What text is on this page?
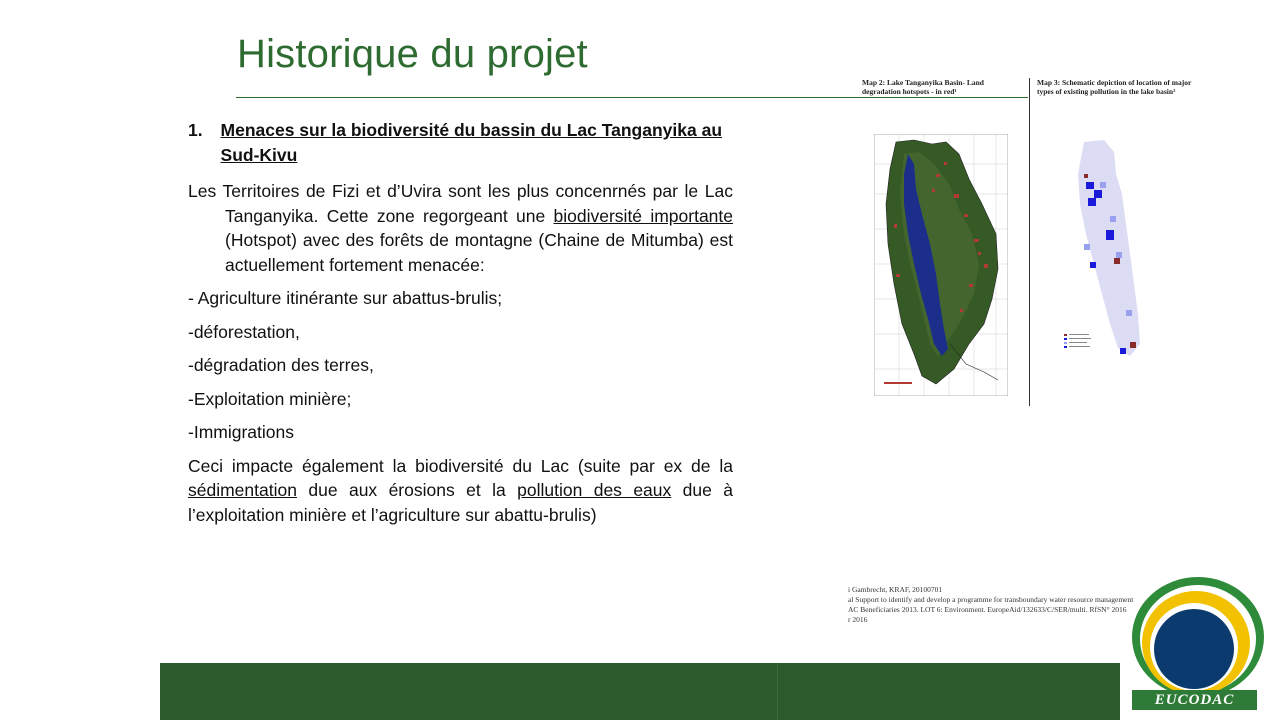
Historique du projet
1.	Menaces sur la biodiversité du bassin du Lac Tanganyika au Sud-Kivu

Les Territoires de Fizi et d’Uvira sont les plus concenrnés par le Lac Tanganyika. Cette zone regorgeant une biodiversité importante (Hotspot) avec des forêts de montagne (Chaine de Mitumba) est actuellement fortement menacée:

- Agriculture itinérante sur abattus-brulis;

-déforestation,

-dégradation des terres,

-Exploitation minière;

-Immigrations

Ceci impacte également la biodiversité du Lac (suite par ex de la sédimentation due aux érosions et la pollution des eaux due à l’exploitation minière et l’agriculture sur abattu-brulis)

Map 2: Lake Tanganyika Basin- Land degradation hotspots - in red¹
Map 3: Schematic depiction of location of major types of existing pollution in the lake basin²
i Gambrecht, KRAF, 20100701
al Support to identify and develop a programme for transboundary water resource management
AC Beneficiaries 2013. LOT 6: Environment. EuropeAid/132633/C/SER/multi. RfSN° 2016
r 2016
EUCODAC
